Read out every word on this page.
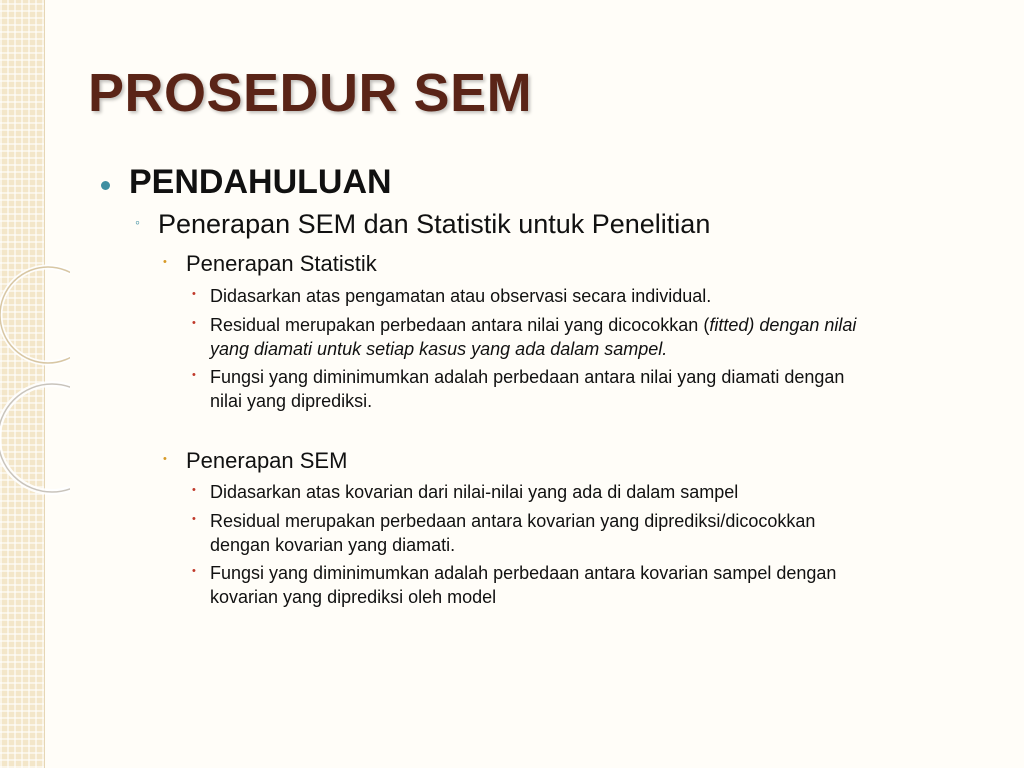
PROSEDUR SEM
PENDAHULUAN
◦ Penerapan SEM dan Statistik untuk Penelitian
• Penerapan Statistik
• Didasarkan atas pengamatan atau observasi secara individual.
• Residual merupakan perbedaan antara nilai yang dicocokkan (fitted) dengan nilai
yang diamati untuk setiap kasus yang ada dalam sampel.
• Fungsi yang diminimumkan adalah perbedaan antara nilai yang diamati dengan
nilai yang diprediksi.
• Penerapan SEM
• Didasarkan atas kovarian dari nilai-nilai yang ada di dalam sampel
• Residual merupakan perbedaan antara kovarian yang diprediksi/dicocokkan
dengan kovarian yang diamati.
• Fungsi yang diminimumkan adalah perbedaan antara kovarian sampel dengan
kovarian yang diprediksi oleh model
